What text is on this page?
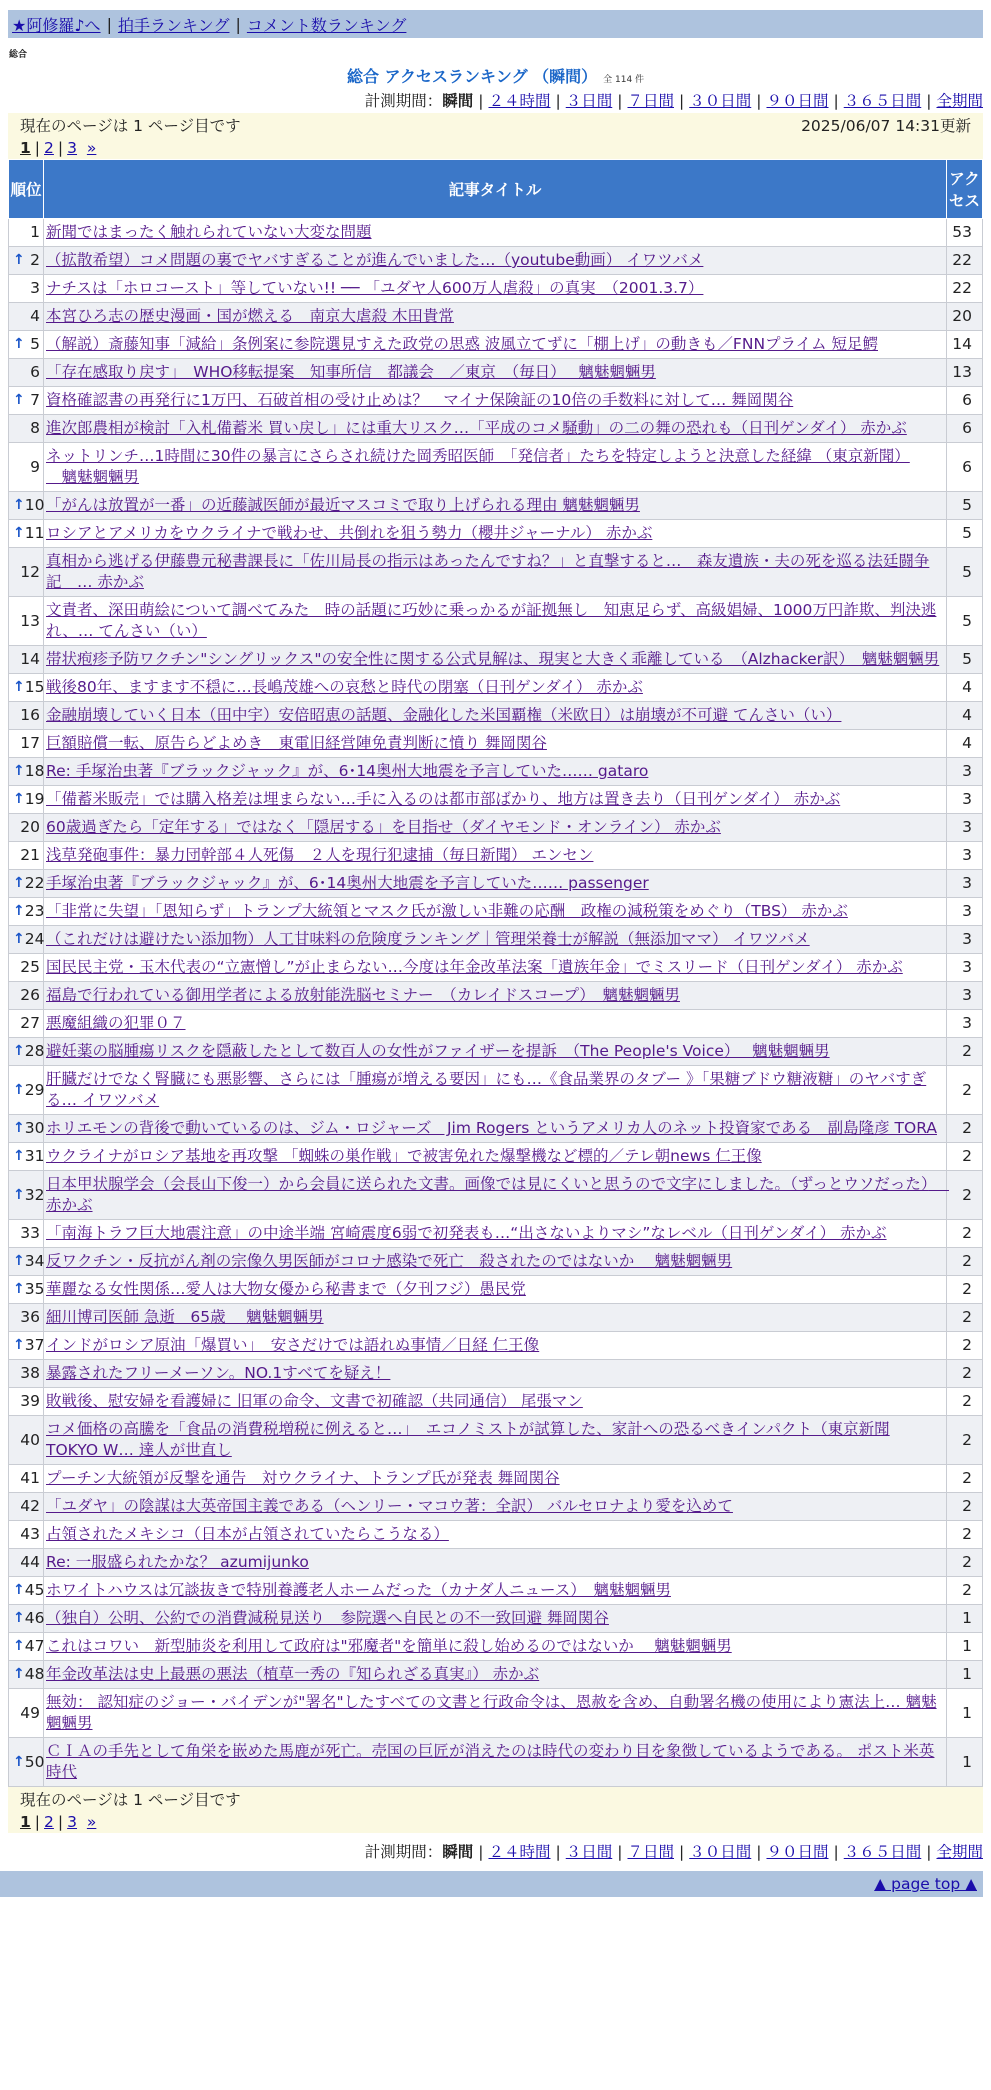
★阿修羅♪へ | 拍手ランキング | コメント数ランキング
総合
総合 アクセスランキング （瞬間） 全 114 件
計測期間：瞬間 | ２４時間 | ３日間 | ７日間 | ３０日間 | ９０日間 | ３６５日間 | 全期間
現在のページは 1 ページ目です	2025/06/07 14:31更新
1 | 2 | 3
»
順位	記事タイトル	アクセス
1	新聞ではまったく触れられていない大変な問題	53

↑ 2	（拡散希望）コメ問題の裏でヤバすぎることが進んでいました…（youtube動画） イワツバメ	22
3	ナチスは「ホロコースト」等していない!! ── 「ユダヤ人600万人虐殺」の真実　（2001.3.7）	22
4	本宮ひろ志の歴史漫画・国が燃える　南京大虐殺 木田貴常	20

↑ 5	（解説）斎藤知事「減給」条例案に参院選見すえた政党の思惑 波風立てずに「棚上げ」の動きも／FNNプライム 短足鰐	14
6	「存在感取り戻す」　WHO移転提案　知事所信　都議会　／東京　（毎日）　 魑魅魍魎男	13

↑ 7	資格確認書の再発行に1万円、石破首相の受け止めは？　マイナ保険証の10倍の手数料に対して… 舞岡関谷	6
8	進次郎農相が検討「入札備蓄米 買い戻し」には重大リスク…「平成のコメ騒動」の二の舞の恐れも（日刊ゲンダイ） 赤かぶ	6
9	ネットリンチ…1時間に30件の暴言にさらされ続けた岡秀昭医師　「発信者」たちを特定しようと決意した経緯 （東京新聞） 　魑魅魍魎男	6

↑ 10	「がんは放置が一番」の近藤誠医師が最近マスコミで取り上げられる理由 魑魅魍魎男	5

↑ 11	ロシアとアメリカをウクライナで戦わせ、共倒れを狙う勢力（櫻井ジャーナル） 赤かぶ	5
12	真相から逃げる伊藤豊元秘書課長に「佐川局長の指示はあったんですね？」と直撃すると…　森友遺族・夫の死を巡る法廷闘争記　… 赤かぶ	5
13	文責者、深田萌絵について調べてみた　時の話題に巧妙に乗っかるが証拠無し　知恵足らず、高級娼婦、1000万円詐欺、判決逃れ、… てんさい（い）	5
14	帯状疱疹予防ワクチン"シングリックス"の安全性に関する公式見解は、現実と大きく乖離している　（Alzhacker訳）　魑魅魍魎男	5

↑ 15	戦後80年、ますます不穏に…長嶋茂雄への哀愁と時代の閉塞（日刊ゲンダイ） 赤かぶ	4
16	金融崩壊していく日本（田中宇）安倍昭恵の話題、金融化した米国覇権（米欧日）は崩壊が不可避 てんさい（い）	4
17	巨額賠償一転、原告らどよめき　東電旧経営陣免責判断に憤り 舞岡関谷	4

↑ 18	Re: 手塚治虫著『ブラックジャック』が、6･14奥州大地震を予言していた…… gataro	3

↑ 19	「備蓄米販売」では購入格差は埋まらない…手に入るのは都市部ばかり、地方は置き去り（日刊ゲンダイ） 赤かぶ	3
20	60歳過ぎたら「定年する」ではなく「隠居する」を目指せ（ダイヤモンド・オンライン） 赤かぶ	3
21	浅草発砲事件：暴力団幹部４人死傷　２人を現行犯逮捕（毎日新聞） エンセン	3

↑ 22	手塚治虫著『ブラックジャック』が、6･14奥州大地震を予言していた…… passenger	3

↑ 23	「非常に失望」「恩知らず」トランプ大統領とマスク氏が激しい非難の応酬　政権の減税策をめぐり（TBS） 赤かぶ	3

↑ 24	（これだけは避けたい添加物）人工甘味料の危険度ランキング｜管理栄養士が解説（無添加ママ） イワツバメ	3
25	国民民主党・玉木代表の“立憲憎し”が止まらない…今度は年金改革法案「遺族年金」でミスリード（日刊ゲンダイ） 赤かぶ	3
26	福島で行われている御用学者による放射能洗脳セミナー　（カレイドスコープ）　魑魅魍魎男	3
27	悪魔組織の犯罪０７	3

↑ 28	避妊薬の脳腫瘍リスクを隠蔽したとして数百人の女性がファイザーを提訴　（The People's Voice）　 魑魅魍魎男	2

↑ 29	肝臓だけでなく腎臓にも悪影響、さらには「腫瘍が増える要因」にも…《食品業界のタブー 》「果糖ブドウ糖液糖」のヤバすぎる… イワツバメ	2

↑ 30	ホリエモンの背後で動いているのは、ジム・ロジャーズ　Jim Rogers というアメリカ人のネット投資家である　副島隆彦 TORA	2

↑ 31	ウクライナがロシア基地を再攻撃 「蜘蛛の巣作戦」で被害免れた爆撃機など標的／テレ朝news 仁王像	2

↑ 32	日本甲状腺学会（会長山下俊一）から会員に送られた文書。画像では見にくいと思うので文字にしました。（ずっとウソだった）　 赤かぶ	2
33	「南海トラフ巨大地震注意」の中途半端 宮崎震度6弱で初発表も…“出さないよりマシ”なレベル（日刊ゲンダイ） 赤かぶ	2

↑ 34	反ワクチン・反抗がん剤の宗像久男医師がコロナ感染で死亡　殺されたのではないか　 魑魅魍魎男	2

↑ 35	華麗なる女性関係…愛人は大物女優から秘書まで（夕刊フジ）愚民党	2
36	細川博司医師 急逝　65歳　 魑魅魍魎男	2

↑ 37	インドがロシア原油「爆買い」　安さだけでは語れぬ事情／日経 仁王像	2
38	暴露されたフリーメーソン。NO.1すべてを疑え！	2
39	敗戦後、慰安婦を看護婦に 旧軍の命令、文書で初確認（共同通信） 尾張マン	2
40	コメ価格の高騰を「食品の消費税増税に例えると…」　エコノミストが試算した、家計への恐るべきインパクト（東京新聞 TOKYO W… 達人が世直し	2
41	プーチン大統領が反撃を通告　対ウクライナ、トランプ氏が発表 舞岡関谷	2
42	「ユダヤ」の陰謀は大英帝国主義である（ヘンリー・マコウ著：全訳） バルセロナより愛を込めて	2
43	占領されたメキシコ（日本が占領されていたらこうなる）	2
44	Re: 一服盛られたかな？ azumijunko	2

↑ 45	ホワイトハウスは冗談抜きで特別養護老人ホームだった（カナダ人ニュース）　魑魅魍魎男	2

↑ 46	（独自）公明、公約での消費減税見送り　参院選へ自民との不一致回避 舞岡関谷	1

↑ 47	これはコワい　新型肺炎を利用して政府は"邪魔者"を簡単に殺し始めるのではないか　 魑魅魍魎男	1

↑ 48	年金改革法は史上最悪の悪法（植草一秀の『知られざる真実』） 赤かぶ	1
49	無効： 認知症のジョー・バイデンが"署名"したすべての文書と行政命令は、恩赦を含め、自動署名機の使用により憲法上… 魑魅魍魎男	1

↑ 50	ＣＩＡの手先として角栄を嵌めた馬鹿が死亡。売国の巨匠が消えたのは時代の変わり目を象徴しているようである。 ポスト米英時代	1
現在のページは 1 ページ目です
1 | 2 | 3
»
計測期間：瞬間 | ２４時間 | ３日間 | ７日間 | ３０日間 | ９０日間 | ３６５日間 | 全期間
▲ page top ▲
